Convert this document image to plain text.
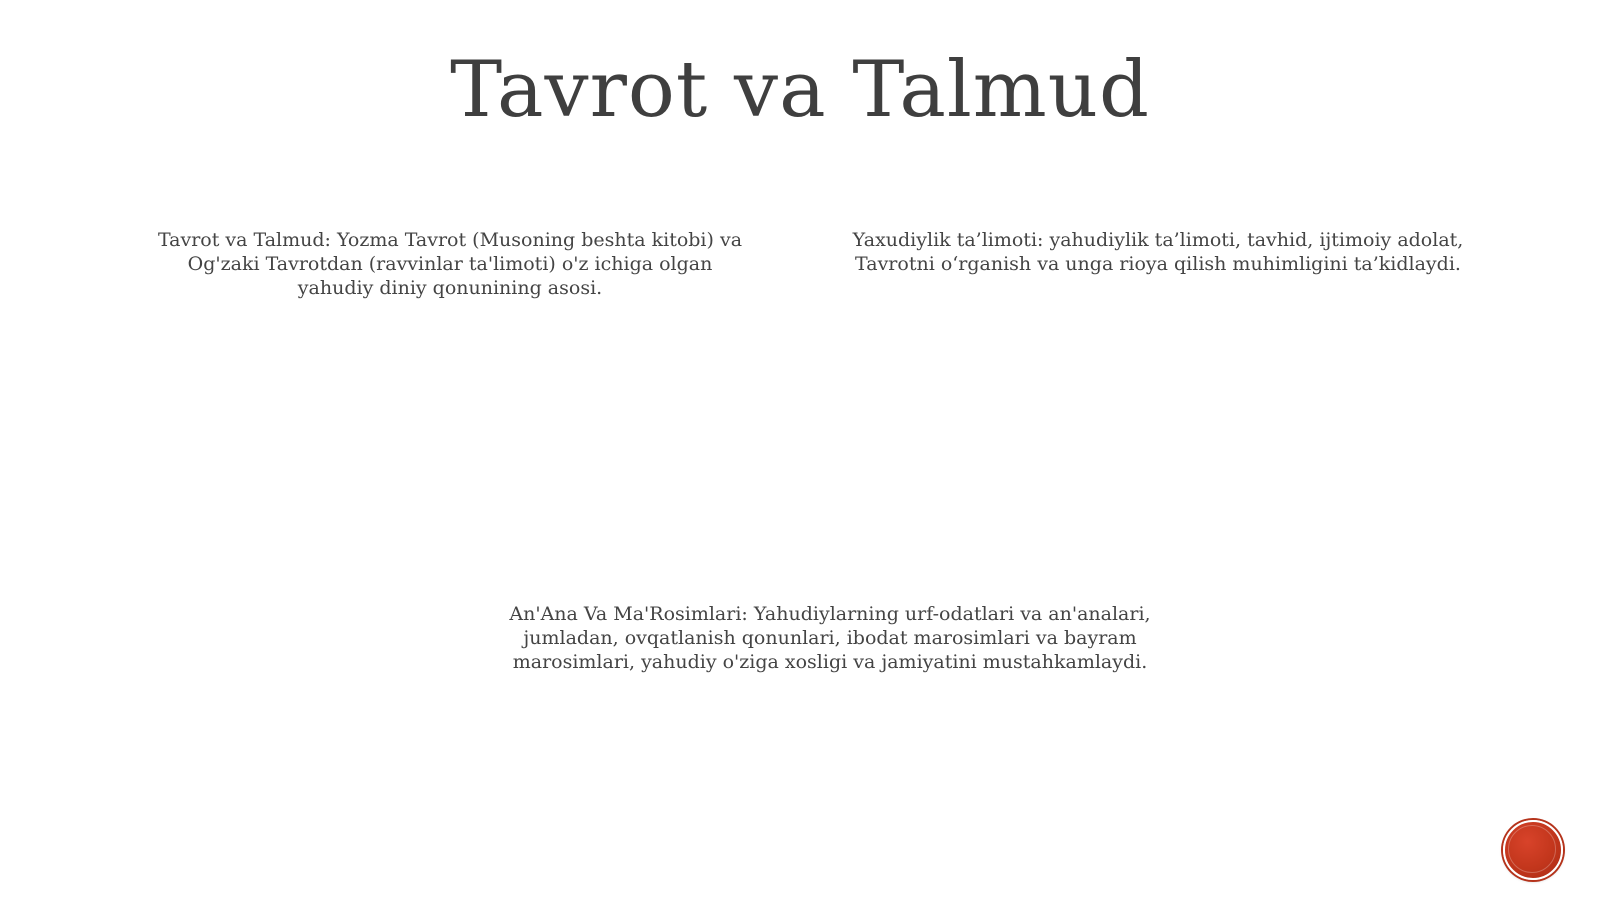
Tavrot va Talmud

Tavrot va Talmud: Yozma Tavrot (Musoning beshta kitobi) va Og'zaki Tavrotdan (ravvinlar ta'limoti) o'z ichiga olgan yahudiy diniy qonunining asosi.

Yaxudiylik ta’limoti: yahudiylik ta’limoti, tavhid, ijtimoiy adolat, Tavrotni o‘rganish va unga rioya qilish muhimligini ta’kidlaydi.

An'Ana Va Ma'Rosimlari: Yahudiylarning urf-odatlari va an'analari, jumladan, ovqatlanish qonunlari, ibodat marosimlari va bayram marosimlari, yahudiy o'ziga xosligi va jamiyatini mustahkamlaydi.
